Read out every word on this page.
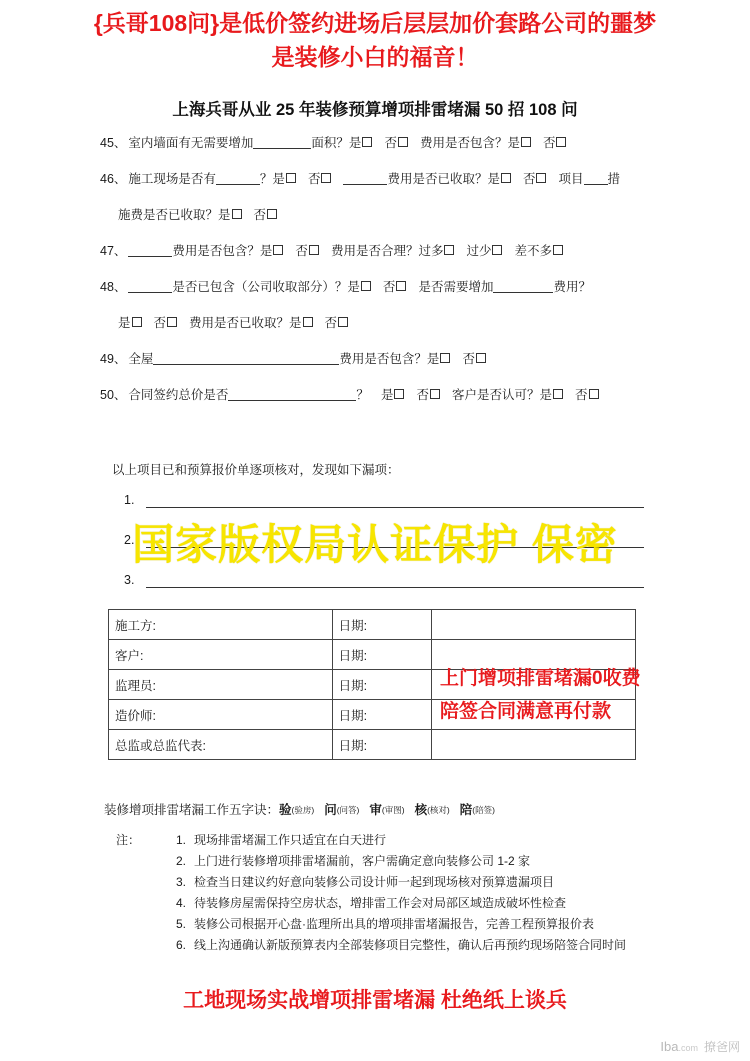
{兵哥108问}是低价签约进场后层层加价套路公司的噩梦
是装修小白的福音！
上海兵哥从业 25 年装修预算增项排雷堵漏 50 招 108 问
45、 室内墙面有无需要增加	面积？是 否 费用是否包含？是 否
46、 施工现场是否有	？是 否	费用是否已收取？是 否 项目 措
施费是否已收取？是 否
47、	费用是否包含？是 否 费用是否合理？过多 过少 差不多
48、	是否已包含（公司收取部分）？是 否 是否需要增加	费用？
是 否 费用是否已收取？是 否
49、 全屋	费用是否包含？是 否
50、 合同签约总价是否	？ 是 否 客户是否认可？是 否
以上项目已和预算报价单逐项核对，发现如下漏项：
1.
2.
3.
施工方:	日期:	
客户:	日期:	
监理员:	日期:	
造价师:	日期:	
总监或总监代表:	日期:	
装修增项排雷堵漏工作五字诀：验(验房) 问(问答) 审(审图) 核(核对) 陪(陪签)
注：	1. 现场排雷堵漏工作只适宜在白天进行
2. 上门进行装修增项排雷堵漏前，客户需确定意向装修公司 1-2 家
3. 检查当日建议约好意向装修公司设计师一起到现场核对预算遗漏项目
4. 待装修房屋需保持空房状态，增排雷工作会对局部区域造成破坏性检查
5. 装修公司根据开心盘·监理所出具的增项排雷堵漏报告，完善工程预算报价表
6. 线上沟通确认新版预算表内全部装修项目完整性，确认后再预约现场陪签合同时间
上门增项排雷堵漏0收费
陪签合同满意再付款
工地现场实战增项排雷堵漏 杜绝纸上谈兵
国家版权局认证保护 保密
Iba.com 撩爸网
